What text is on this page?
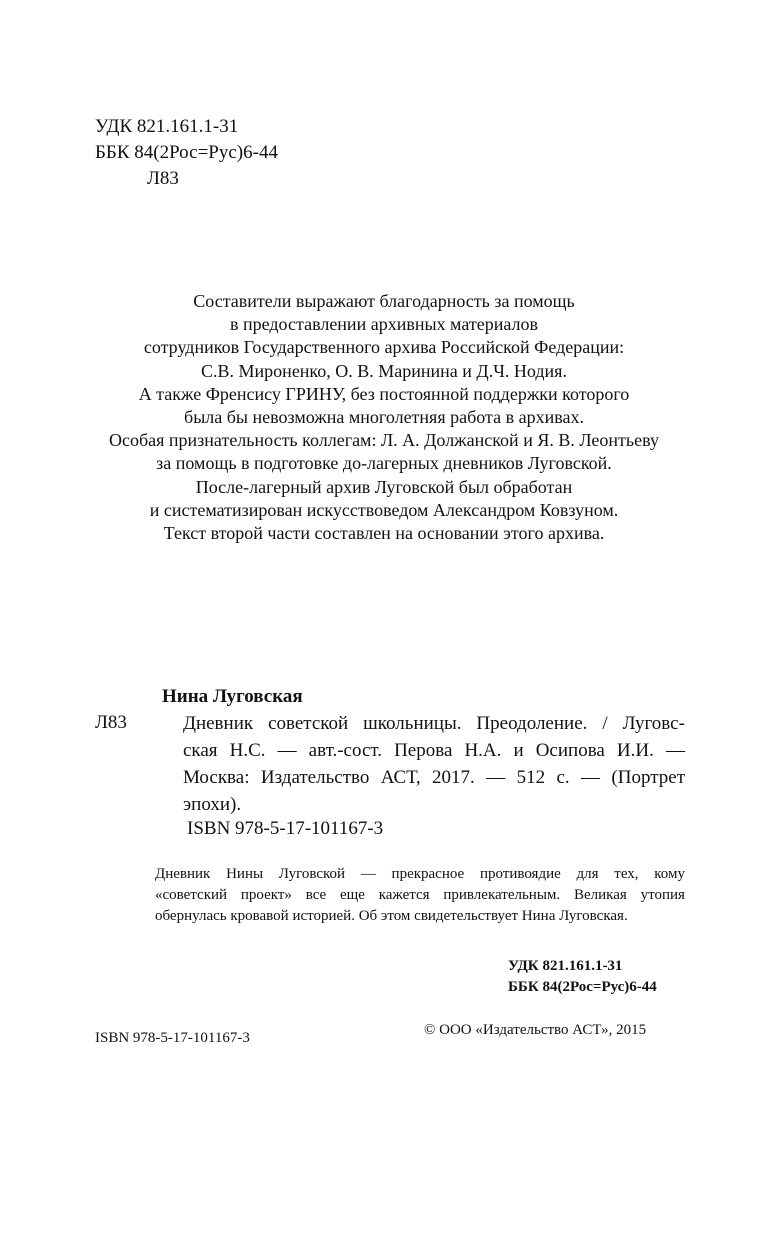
УДК 821.161.1-31
ББК 84(2Рос=Рус)6-44
Л83
Составители выражают благодарность за помощь
в предоставлении архивных материалов
сотрудников Государственного архива Российской Федерации:
С.В. Мироненко, О. В. Маринина и Д.Ч. Нодия.
А также Френсису ГРИНУ, без постоянной поддержки которого
была бы невозможна многолетняя работа в архивах.
Особая признательность коллегам: Л. А. Должанской и Я. В. Леонтьеву
за помощь в подготовке до-лагерных дневников Луговской.
После-лагерный архив Луговской был обработан
и систематизирован искусствоведом Александром Ковзуном.
Текст второй части составлен на основании этого архива.
Нина Луговская
Л83	Дневник советской школьницы. Преодоление. / Луговс-
ская Н.С. — авт.-сост. Перова Н.А. и Осипова И.И. —
Москва: Издательство АСТ, 2017. — 512 с. — (Портрет
эпохи).
ISBN 978-5-17-101167-3
Дневник Нины Луговской — прекрасное противоядие для тех, кому
«советский проект» все еще кажется привлекательным. Великая утопия
обернулась кровавой историей. Об этом свидетельствует Нина Луговская.
УДК 821.161.1-31
ББК 84(2Рос=Рус)6-44
ISBN 978-5-17-101167-3	© ООО «Издательство АСТ», 2015
